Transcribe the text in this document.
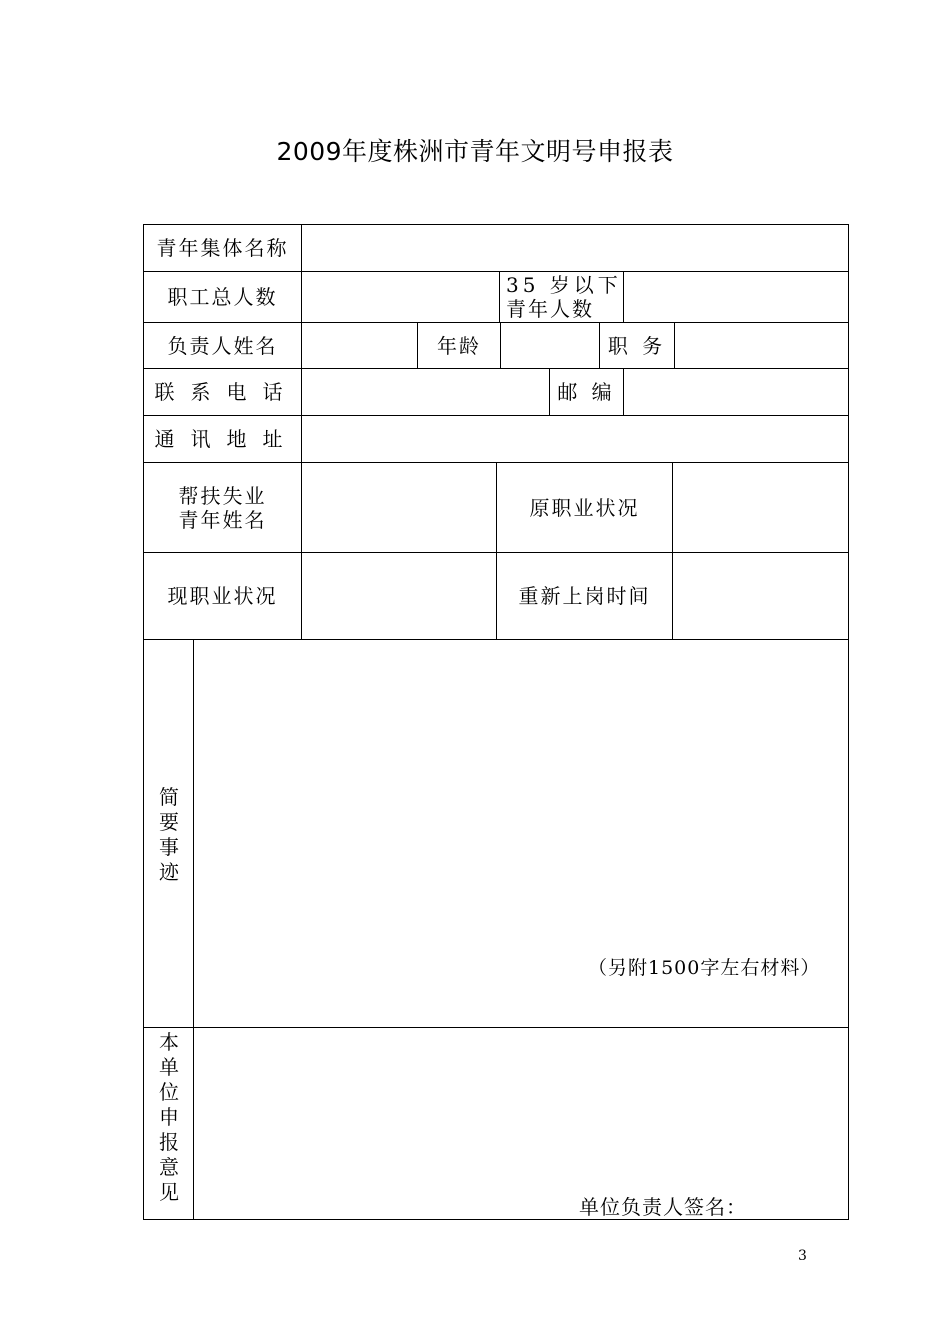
2009年度株洲市青年文明号申报表
青年集体名称
职工总人数	35 岁以下
青年人数
负责人姓名	年龄	职 务
联系电话	邮 编
通讯地址
帮扶失业
青年姓名	原职业状况
现职业状况	重新上岗时间
简
要
事
迹
（另附1500字左右材料）
本
单
位
申
报
意
见
单位负责人签名：
3
